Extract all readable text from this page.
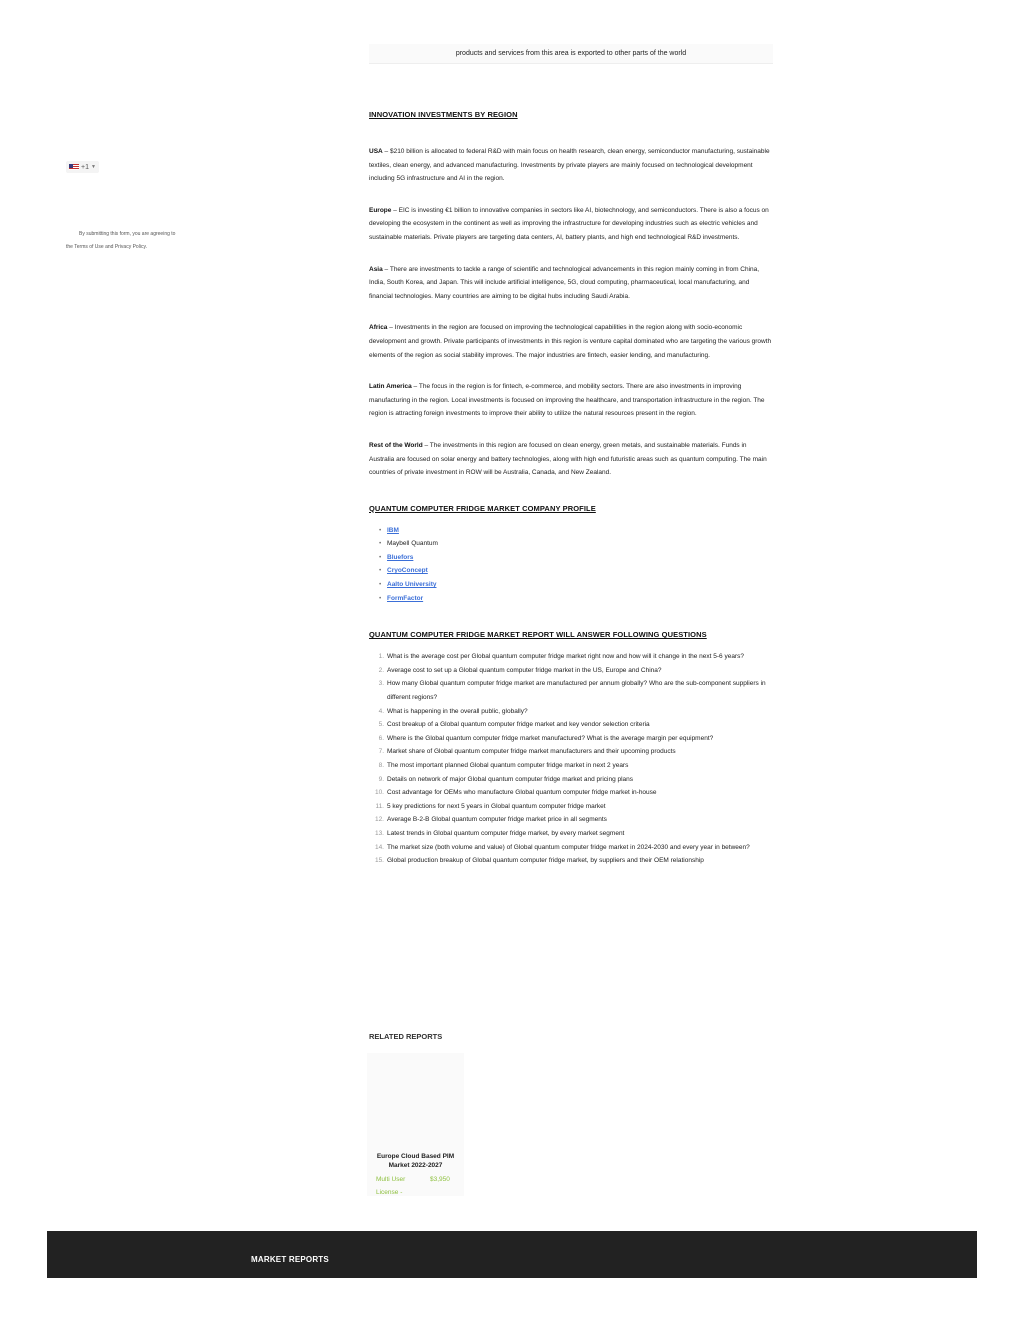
products and services from this area is exported to other parts of the world
+1 ▼
By submitting this form, you are agreeing to
the Terms of Use and Privacy Policy.
INNOVATION INVESTMENTS BY REGION

USA – $210 billion is allocated to federal R&D with main focus on health research, clean energy, semiconductor manufacturing, sustainable textiles, clean energy, and advanced manufacturing. Investments by private players are mainly focused on technological development including 5G infrastructure and AI in the region.

Europe – EIC is investing €1 billion to innovative companies in sectors like AI, biotechnology, and semiconductors. There is also a focus on developing the ecosystem in the continent as well as improving the infrastructure for developing industries such as electric vehicles and sustainable materials. Private players are targeting data centers, AI, battery plants, and high end technological R&D investments.

Asia – There are investments to tackle a range of scientific and technological advancements in this region mainly coming in from China, India, South Korea, and Japan. This will include artificial intelligence, 5G, cloud computing, pharmaceutical, local manufacturing, and financial technologies. Many countries are aiming to be digital hubs including Saudi Arabia.

Africa – Investments in the region are focused on improving the technological capabilities in the region along with socio-economic development and growth. Private participants of investments in this region is venture capital dominated who are targeting the various growth elements of the region as social stability improves. The major industries are fintech, easier lending, and manufacturing.

Latin America – The focus in the region is for fintech, e-commerce, and mobility sectors. There are also investments in improving manufacturing in the region. Local investments is focused on improving the healthcare, and transportation infrastructure in the region. The region is attracting foreign investments to improve their ability to utilize the natural resources present in the region.

Rest of the World – The investments in this region are focused on clean energy, green metals, and sustainable materials. Funds in Australia are focused on solar energy and battery technologies, along with high end futuristic areas such as quantum computing. The main countries of private investment in ROW will be Australia, Canada, and New Zealand.

QUANTUM COMPUTER FRIDGE MARKET COMPANY PROFILE
• IBM
• Maybell Quantum
• Bluefors
• CryoConcept
• Aalto University
• FormFactor
QUANTUM COMPUTER FRIDGE MARKET REPORT WILL ANSWER FOLLOWING QUESTIONS
1. What is the average cost per Global quantum computer fridge market right now and how will it change in the next 5-6 years?
2. Average cost to set up a Global quantum computer fridge market in the US, Europe and China?
3. How many Global quantum computer fridge market are manufactured per annum globally? Who are the sub-component suppliers in different regions?
4. What is happening in the overall public, globally?
5. Cost breakup of a Global quantum computer fridge market and key vendor selection criteria
6. Where is the Global quantum computer fridge market manufactured? What is the average margin per equipment?
7. Market share of Global quantum computer fridge market manufacturers and their upcoming products
8. The most important planned Global quantum computer fridge market in next 2 years
9. Details on network of major Global quantum computer fridge market and pricing plans
10. Cost advantage for OEMs who manufacture Global quantum computer fridge market in-house
11. 5 key predictions for next 5 years in Global quantum computer fridge market
12. Average B-2-B Global quantum computer fridge market price in all segments
13. Latest trends in Global quantum computer fridge market, by every market segment
14. The market size (both volume and value) of Global quantum computer fridge market in 2024-2030 and every year in between?
15. Global production breakup of Global quantum computer fridge market, by suppliers and their OEM relationship
RELATED REPORTS
Europe Cloud Based PIM Market 2022-2027
Multi User License -
$3,950
MARKET REPORTS
